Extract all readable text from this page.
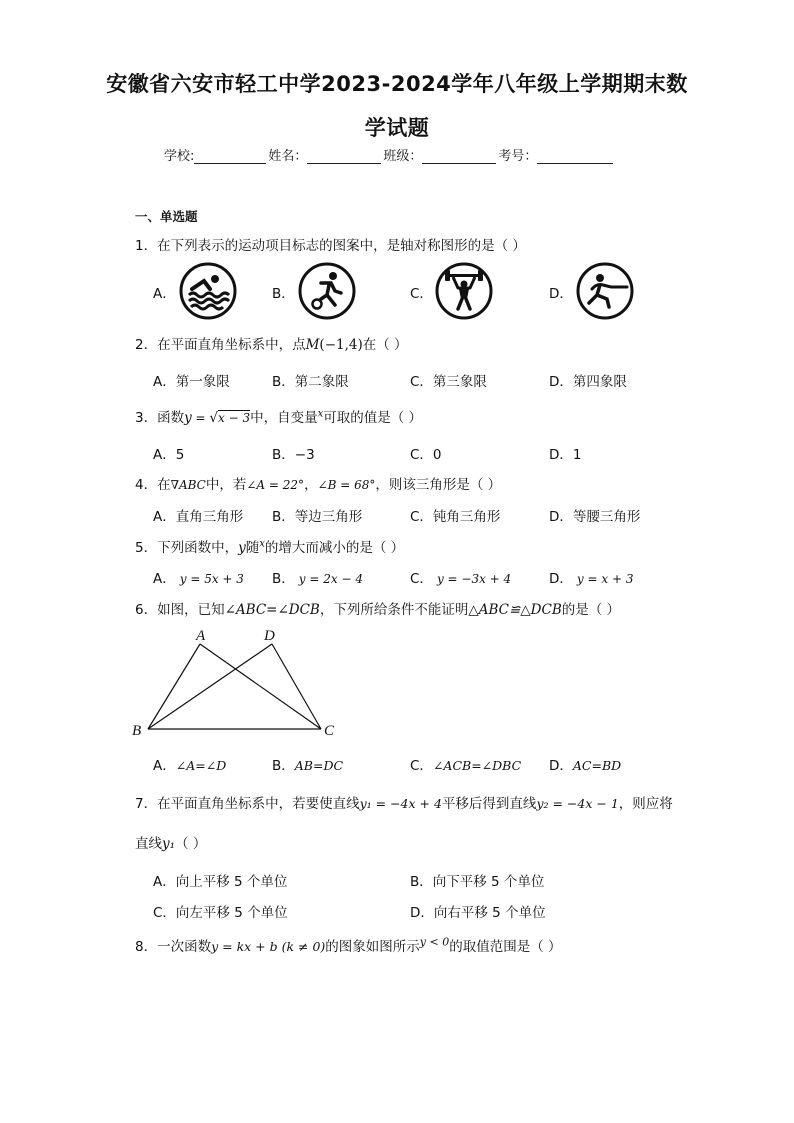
安徽省六安市轻工中学2023-2024学年八年级上学期期末数
学试题
学校:	姓名：	班级：	考号：
一、单选题
1．在下列表示的运动项目标志的图案中，是轴对称图形的是（ ）
A．	B．	C．	D．
2．在平面直角坐标系中，点M(−1,4)在（ ）
A．第一象限	B．第二象限	C．第三象限	D．第四象限
3．函数y = √x − 3中，自变量$^x$可取的值是（ ）
A．5	B．−3	C．0	D．1
4．在∇ABC中，若∠A = 22°，∠B = 68°，则该三角形是（ ）
A．直角三角形 B．等边三角形	C．钝角三角形	D．等腰三角形
5．下列函数中，y随$^x$的增大而减小的是（ ）
A． y = 5x + 3 B． y = 2x − 4	C． y = −3x + 4	D． y = x + 3
6．如图，已知∠ABC=∠DCB，下列所给条件不能证明△ABC≌△DCB的是（ ）
A	D
B	C
A．∠A=∠D	B．AB=DC	C．∠ACB=∠DBC D．AC=BD
7．在平面直角坐标系中，若要使直线y₁ = −4x + 4平移后得到直线y₂ = −4x − 1，则应将
直线y₁（ ）
A．向上平移 5 个单位	B．向下平移 5 个单位
C．向左平移 5 个单位	D．向右平移 5 个单位
8．一次函数y = kx + b (k ≠ 0)的图象如图所示$^{y < 0}$的取值范围是（ ）
